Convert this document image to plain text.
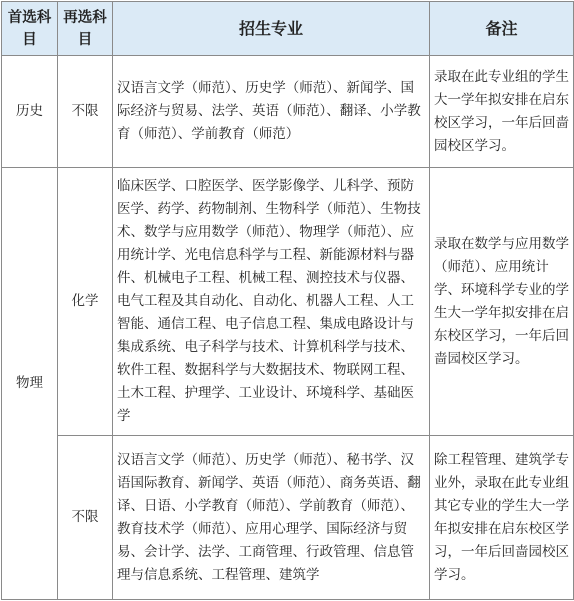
首选科目	再选科目	招生专业	备注
历史	不限	汉语言文学（师范）、历史学（师范）、新闻学、国际经济与贸易、法学、英语（师范）、翻译、小学教育（师范）、学前教育（师范）	录取在此专业组的学生大一学年拟安排在启东校区学习，一年后回啬园校区学习。
物理	化学	临床医学、口腔医学、医学影像学、儿科学、预防医学、药学、药物制剂、生物科学（师范）、生物技术、数学与应用数学（师范）、物理学（师范）、应用统计学、光电信息科学与工程、新能源材料与器件、机械电子工程、机械工程、测控技术与仪器、电气工程及其自动化、自动化、机器人工程、人工智能、通信工程、电子信息工程、集成电路设计与集成系统、电子科学与技术、计算机科学与技术、软件工程、数据科学与大数据技术、物联网工程、土木工程、护理学、工业设计、环境科学、基础医学	录取在数学与应用数学（师范）、应用统计学、环境科学专业的学生大一学年拟安排在启东校区学习，一年后回啬园校区学习。
	不限	汉语言文学（师范）、历史学（师范）、秘书学、汉语国际教育、新闻学、英语（师范）、商务英语、翻译、日语、小学教育（师范）、学前教育（师范）、教育技术学（师范）、应用心理学、国际经济与贸易、会计学、法学、工商管理、行政管理、信息管理与信息系统、工程管理、建筑学	除工程管理、建筑学专业外，录取在此专业组其它专业的学生大一学年拟安排在启东校区学习，一年后回啬园校区学习。
